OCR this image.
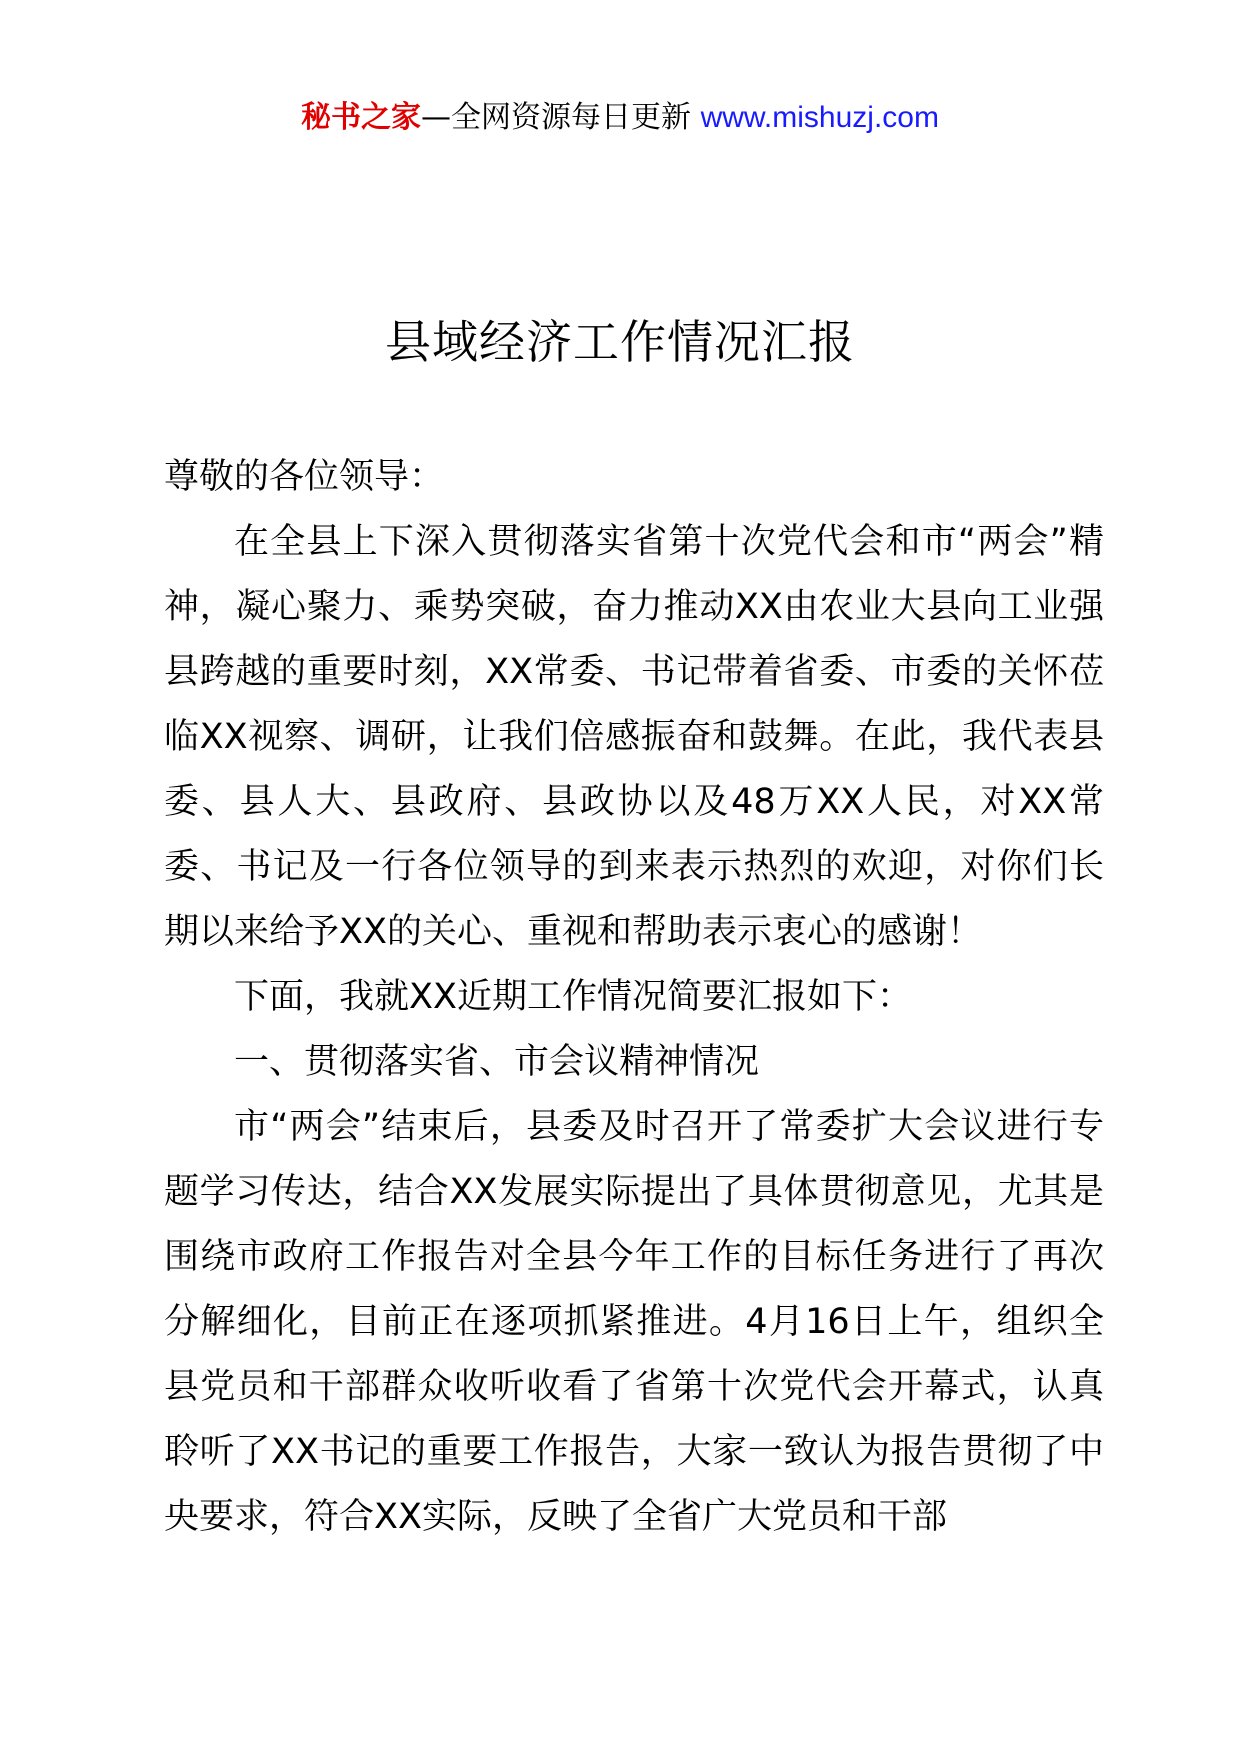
秘书之家—全网资源每日更新 www.mishuzj.com
县域经济工作情况汇报

尊敬的各位领导：

在全县上下深入贯彻落实省第十次党代会和市“两会”精神，凝心聚力、乘势突破，奋力推动XX由农业大县向工业强县跨越的重要时刻，XX常委、书记带着省委、市委的关怀莅临XX视察、调研，让我们倍感振奋和鼓舞。在此，我代表县委、县人大、县政府、县政协以及48万XX人民，对XX常委、书记及一行各位领导的到来表示热烈的欢迎，对你们长期以来给予XX的关心、重视和帮助表示衷心的感谢！

下面，我就XX近期工作情况简要汇报如下：

一、贯彻落实省、市会议精神情况

市“两会”结束后，县委及时召开了常委扩大会议进行专题学习传达，结合XX发展实际提出了具体贯彻意见，尤其是围绕市政府工作报告对全县今年工作的目标任务进行了再次分解细化，目前正在逐项抓紧推进。4月16日上午，组织全县党员和干部群众收听收看了省第十次党代会开幕式，认真聆听了XX书记的重要工作报告，大家一致认为报告贯彻了中央要求，符合XX实际，反映了全省广大党员和干部
